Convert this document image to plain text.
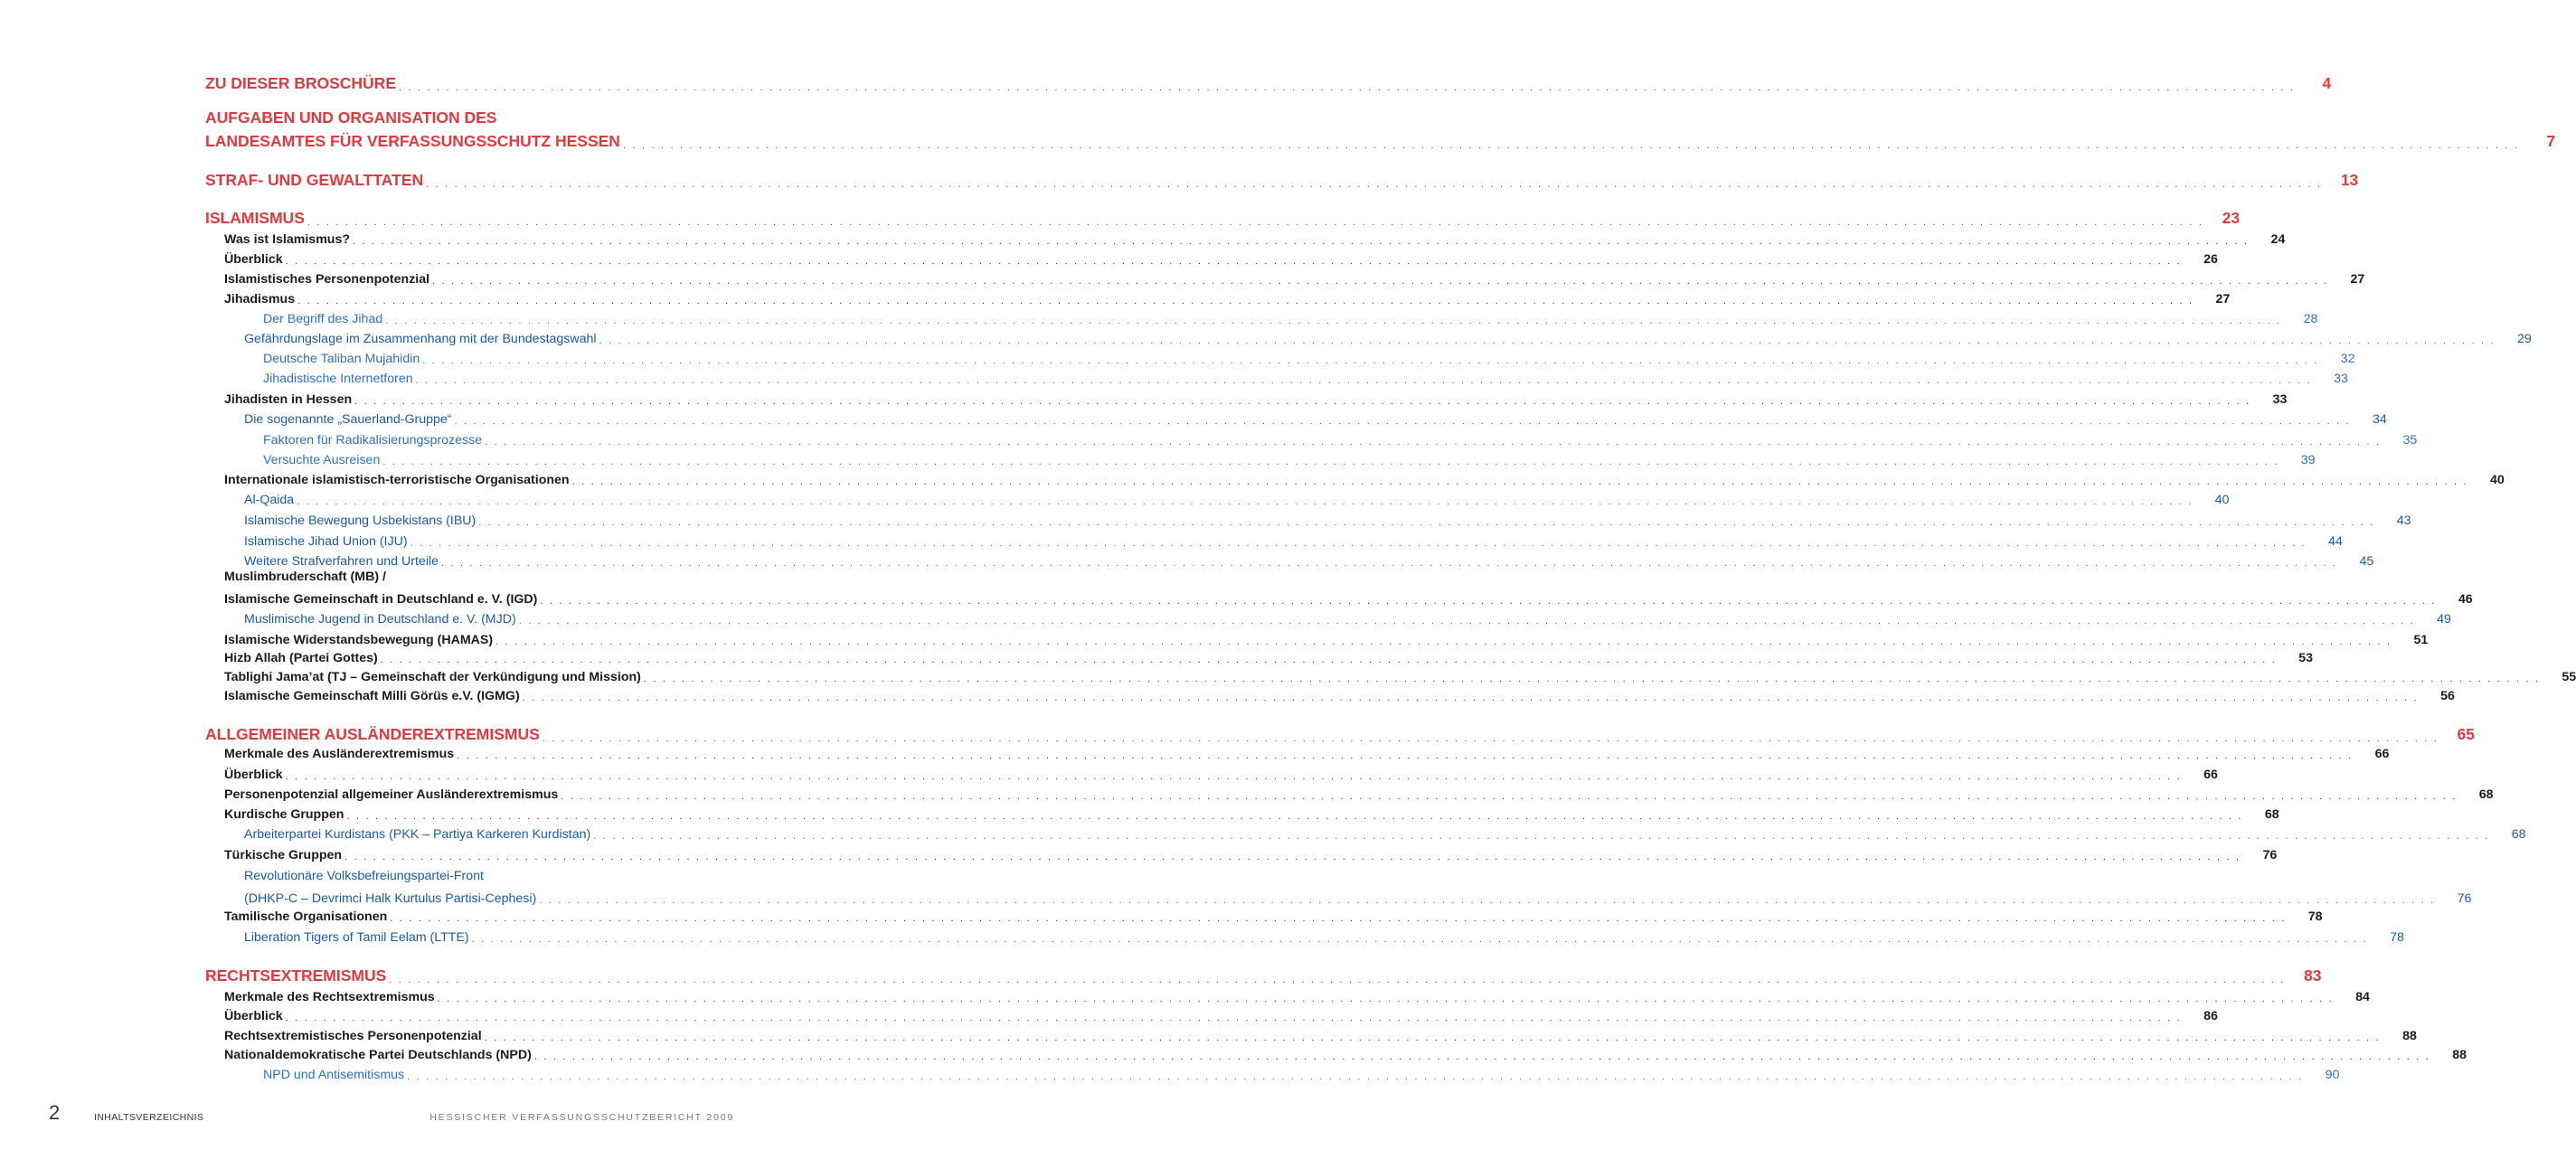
ZU DIESER BROSCHÜRE . . . . . . . . . . . . . . . . . . . . . . . . . . . . . . . . . . . . . . . . . . . . . . . . . . . . . . . . . . . . . . . . . . . . . . . . . . . . . . . . . . . . . . . . . . . . . . . . . . . . . . . . . . . . . . . . . . . . . . . . . . . . . . . . . . . . . . . . . . . . . . . . . . . . . . . . . . . . . . . . . . . . . . . . . . . . . . . . . . . . . . . . . . . . . . . . . . . . . . . .	4
AUFGABEN UND ORGANISATION DES
LANDESAMTES FÜR VERFASSUNGSSCHUTZ HESSEN . . . . . . . . . . . . . . . . . . . . . . . . . . . . . . . . . . . . . . . . . . . . . . . . . . . . . . . . . . . . . . . . . . . . . . . . . . . . . . . . . . . . . . . . . . . . . . . . . . . . . . . . . . . . . . . . . . . . . . . . . . . . . . . . . . . . . . . . . . . . . . . . . . . . . . . . . . . . . . . . . . . . . . . . . . . . . . . . . . . . . . . . . . . . . . . . . . . . . . . .	7
STRAF- UND GEWALTTATEN . . . . . . . . . . . . . . . . . . . . . . . . . . . . . . . . . . . . . . . . . . . . . . . . . . . . . . . . . . . . . . . . . . . . . . . . . . . . . . . . . . . . . . . . . . . . . . . . . . . . . . . . . . . . . . . . . . . . . . . . . . . . . . . . . . . . . . . . . . . . . . . . . . . . . . . . . . . . . . . . . . . . . . . . . . . . . . . . . . . . . . . . . . . . . . . . . . . . . . . .	13
ISLAMISMUS . . . . . . . . . . . . . . . . . . . . . . . . . . . . . . . . . . . . . . . . . . . . . . . . . . . . . . . . . . . . . . . . . . . . . . . . . . . . . . . . . . . . . . . . . . . . . . . . . . . . . . . . . . . . . . . . . . . . . . . . . . . . . . . . . . . . . . . . . . . . . . . . . . . . . . . . . . . . . . . . . . . . . . . . . . . . . . . . . . . . . . . . . . . . . . . . . . . . . . . .	23
Was ist Islamismus? . . . . . . . . . . . . . . . . . . . . . . . . . . . . . . . . . . . . . . . . . . . . . . . . . . . . . . . . . . . . . . . . . . . . . . . . . . . . . . . . . . . . . . . . . . . . . . . . . . . . . . . . . . . . . . . . . . . . . . . . . . . . . . . . . . . . . . . . . . . . . . . . . . . . . . . . . . . . . . . . . . . . . . . . . . . . . . . . . . . . . . . . . . . . . . . . . . . . . . . .	24
Überblick . . . . . . . . . . . . . . . . . . . . . . . . . . . . . . . . . . . . . . . . . . . . . . . . . . . . . . . . . . . . . . . . . . . . . . . . . . . . . . . . . . . . . . . . . . . . . . . . . . . . . . . . . . . . . . . . . . . . . . . . . . . . . . . . . . . . . . . . . . . . . . . . . . . . . . . . . . . . . . . . . . . . . . . . . . . . . . . . . . . . . . . . . . . . . . . . . . . . . . . .	26
Islamistisches Personenpotenzial . . . . . . . . . . . . . . . . . . . . . . . . . . . . . . . . . . . . . . . . . . . . . . . . . . . . . . . . . . . . . . . . . . . . . . . . . . . . . . . . . . . . . . . . . . . . . . . . . . . . . . . . . . . . . . . . . . . . . . . . . . . . . . . . . . . . . . . . . . . . . . . . . . . . . . . . . . . . . . . . . . . . . . . . . . . . . . . . . . . . . . . . . . . . . . . . . . . . . . . .	27
Jihadismus . . . . . . . . . . . . . . . . . . . . . . . . . . . . . . . . . . . . . . . . . . . . . . . . . . . . . . . . . . . . . . . . . . . . . . . . . . . . . . . . . . . . . . . . . . . . . . . . . . . . . . . . . . . . . . . . . . . . . . . . . . . . . . . . . . . . . . . . . . . . . . . . . . . . . . . . . . . . . . . . . . . . . . . . . . . . . . . . . . . . . . . . . . . . . . . . . . . . . . . .	27
Der Begriff des Jihad . . . . . . . . . . . . . . . . . . . . . . . . . . . . . . . . . . . . . . . . . . . . . . . . . . . . . . . . . . . . . . . . . . . . . . . . . . . . . . . . . . . . . . . . . . . . . . . . . . . . . . . . . . . . . . . . . . . . . . . . . . . . . . . . . . . . . . . . . . . . . . . . . . . . . . . . . . . . . . . . . . . . . . . . . . . . . . . . . . . . . . . . . . . . . . . . . . . . . . . .	28
Gefährdungslage im Zusammenhang mit der Bundestagswahl . . . . . . . . . . . . . . . . . . . . . . . . . . . . . . . . . . . . . . . . . . . . . . . . . . . . . . . . . . . . . . . . . . . . . . . . . . . . . . . . . . . . . . . . . . . . . . . . . . . . . . . . . . . . . . . . . . . . . . . . . . . . . . . . . . . . . . . . . . . . . . . . . . . . . . . . . . . . . . . . . . . . . . . . . . . . . . . . . . . . . . . . . . . . . . . . . . . . . . . .	29
Deutsche Taliban Mujahidin . . . . . . . . . . . . . . . . . . . . . . . . . . . . . . . . . . . . . . . . . . . . . . . . . . . . . . . . . . . . . . . . . . . . . . . . . . . . . . . . . . . . . . . . . . . . . . . . . . . . . . . . . . . . . . . . . . . . . . . . . . . . . . . . . . . . . . . . . . . . . . . . . . . . . . . . . . . . . . . . . . . . . . . . . . . . . . . . . . . . . . . . . . . . . . . . . . . . . . . .	32
Jihadistische Internetforen . . . . . . . . . . . . . . . . . . . . . . . . . . . . . . . . . . . . . . . . . . . . . . . . . . . . . . . . . . . . . . . . . . . . . . . . . . . . . . . . . . . . . . . . . . . . . . . . . . . . . . . . . . . . . . . . . . . . . . . . . . . . . . . . . . . . . . . . . . . . . . . . . . . . . . . . . . . . . . . . . . . . . . . . . . . . . . . . . . . . . . . . . . . . . . . . . . . . . . . .	33
Jihadisten in Hessen . . . . . . . . . . . . . . . . . . . . . . . . . . . . . . . . . . . . . . . . . . . . . . . . . . . . . . . . . . . . . . . . . . . . . . . . . . . . . . . . . . . . . . . . . . . . . . . . . . . . . . . . . . . . . . . . . . . . . . . . . . . . . . . . . . . . . . . . . . . . . . . . . . . . . . . . . . . . . . . . . . . . . . . . . . . . . . . . . . . . . . . . . . . . . . . . . . . . . . . .	33
Die sogenannte „Sauerland-Gruppe“ . . . . . . . . . . . . . . . . . . . . . . . . . . . . . . . . . . . . . . . . . . . . . . . . . . . . . . . . . . . . . . . . . . . . . . . . . . . . . . . . . . . . . . . . . . . . . . . . . . . . . . . . . . . . . . . . . . . . . . . . . . . . . . . . . . . . . . . . . . . . . . . . . . . . . . . . . . . . . . . . . . . . . . . . . . . . . . . . . . . . . . . . . . . . . . . . . . . . . . . .	34
Faktoren für Radikalisierungsprozesse . . . . . . . . . . . . . . . . . . . . . . . . . . . . . . . . . . . . . . . . . . . . . . . . . . . . . . . . . . . . . . . . . . . . . . . . . . . . . . . . . . . . . . . . . . . . . . . . . . . . . . . . . . . . . . . . . . . . . . . . . . . . . . . . . . . . . . . . . . . . . . . . . . . . . . . . . . . . . . . . . . . . . . . . . . . . . . . . . . . . . . . . . . . . . . . . . . . . . . . .	35
Versuchte Ausreisen . . . . . . . . . . . . . . . . . . . . . . . . . . . . . . . . . . . . . . . . . . . . . . . . . . . . . . . . . . . . . . . . . . . . . . . . . . . . . . . . . . . . . . . . . . . . . . . . . . . . . . . . . . . . . . . . . . . . . . . . . . . . . . . . . . . . . . . . . . . . . . . . . . . . . . . . . . . . . . . . . . . . . . . . . . . . . . . . . . . . . . . . . . . . . . . . . . . . . . . .	39
Internationale islamistisch-terroristische Organisationen . . . . . . . . . . . . . . . . . . . . . . . . . . . . . . . . . . . . . . . . . . . . . . . . . . . . . . . . . . . . . . . . . . . . . . . . . . . . . . . . . . . . . . . . . . . . . . . . . . . . . . . . . . . . . . . . . . . . . . . . . . . . . . . . . . . . . . . . . . . . . . . . . . . . . . . . . . . . . . . . . . . . . . . . . . . . . . . . . . . . . . . . . . . . . . . . . . . . . . . .	40
Al-Qaida . . . . . . . . . . . . . . . . . . . . . . . . . . . . . . . . . . . . . . . . . . . . . . . . . . . . . . . . . . . . . . . . . . . . . . . . . . . . . . . . . . . . . . . . . . . . . . . . . . . . . . . . . . . . . . . . . . . . . . . . . . . . . . . . . . . . . . . . . . . . . . . . . . . . . . . . . . . . . . . . . . . . . . . . . . . . . . . . . . . . . . . . . . . . . . . . . . . . . . . .	40
Islamische Bewegung Usbekistans (IBU) . . . . . . . . . . . . . . . . . . . . . . . . . . . . . . . . . . . . . . . . . . . . . . . . . . . . . . . . . . . . . . . . . . . . . . . . . . . . . . . . . . . . . . . . . . . . . . . . . . . . . . . . . . . . . . . . . . . . . . . . . . . . . . . . . . . . . . . . . . . . . . . . . . . . . . . . . . . . . . . . . . . . . . . . . . . . . . . . . . . . . . . . . . . . . . . . . . . . . . . .	43
Islamische Jihad Union (IJU) . . . . . . . . . . . . . . . . . . . . . . . . . . . . . . . . . . . . . . . . . . . . . . . . . . . . . . . . . . . . . . . . . . . . . . . . . . . . . . . . . . . . . . . . . . . . . . . . . . . . . . . . . . . . . . . . . . . . . . . . . . . . . . . . . . . . . . . . . . . . . . . . . . . . . . . . . . . . . . . . . . . . . . . . . . . . . . . . . . . . . . . . . . . . . . . . . . . . . . . .	44
Weitere Strafverfahren und Urteile . . . . . . . . . . . . . . . . . . . . . . . . . . . . . . . . . . . . . . . . . . . . . . . . . . . . . . . . . . . . . . . . . . . . . . . . . . . . . . . . . . . . . . . . . . . . . . . . . . . . . . . . . . . . . . . . . . . . . . . . . . . . . . . . . . . . . . . . . . . . . . . . . . . . . . . . . . . . . . . . . . . . . . . . . . . . . . . . . . . . . . . . . . . . . . . . . . . . . . . .	45
Muslimbruderschaft (MB) /
Islamische Gemeinschaft in Deutschland e. V. (IGD) . . . . . . . . . . . . . . . . . . . . . . . . . . . . . . . . . . . . . . . . . . . . . . . . . . . . . . . . . . . . . . . . . . . . . . . . . . . . . . . . . . . . . . . . . . . . . . . . . . . . . . . . . . . . . . . . . . . . . . . . . . . . . . . . . . . . . . . . . . . . . . . . . . . . . . . . . . . . . . . . . . . . . . . . . . . . . . . . . . . . . . . . . . . . . . . . . . . . . . . .	46
Muslimische Jugend in Deutschland e. V. (MJD) . . . . . . . . . . . . . . . . . . . . . . . . . . . . . . . . . . . . . . . . . . . . . . . . . . . . . . . . . . . . . . . . . . . . . . . . . . . . . . . . . . . . . . . . . . . . . . . . . . . . . . . . . . . . . . . . . . . . . . . . . . . . . . . . . . . . . . . . . . . . . . . . . . . . . . . . . . . . . . . . . . . . . . . . . . . . . . . . . . . . . . . . . . . . . . . . . . . . . . . .	49
Islamische Widerstandsbewegung (HAMAS) . . . . . . . . . . . . . . . . . . . . . . . . . . . . . . . . . . . . . . . . . . . . . . . . . . . . . . . . . . . . . . . . . . . . . . . . . . . . . . . . . . . . . . . . . . . . . . . . . . . . . . . . . . . . . . . . . . . . . . . . . . . . . . . . . . . . . . . . . . . . . . . . . . . . . . . . . . . . . . . . . . . . . . . . . . . . . . . . . . . . . . . . . . . . . . . . . . . . . . . .	51
Hizb Allah (Partei Gottes) . . . . . . . . . . . . . . . . . . . . . . . . . . . . . . . . . . . . . . . . . . . . . . . . . . . . . . . . . . . . . . . . . . . . . . . . . . . . . . . . . . . . . . . . . . . . . . . . . . . . . . . . . . . . . . . . . . . . . . . . . . . . . . . . . . . . . . . . . . . . . . . . . . . . . . . . . . . . . . . . . . . . . . . . . . . . . . . . . . . . . . . . . . . . . . . . . . . . . . . .	53
Tablighi Jama’at (TJ – Gemeinschaft der Verkündigung und Mission) . . . . . . . . . . . . . . . . . . . . . . . . . . . . . . . . . . . . . . . . . . . . . . . . . . . . . . . . . . . . . . . . . . . . . . . . . . . . . . . . . . . . . . . . . . . . . . . . . . . . . . . . . . . . . . . . . . . . . . . . . . . . . . . . . . . . . . . . . . . . . . . . . . . . . . . . . . . . . . . . . . . . . . . . . . . . . . . . . . . . . . . . . . . . . . . . . . . . . . . .	55
Islamische Gemeinschaft Milli Görüs e.V. (IGMG) . . . . . . . . . . . . . . . . . . . . . . . . . . . . . . . . . . . . . . . . . . . . . . . . . . . . . . . . . . . . . . . . . . . . . . . . . . . . . . . . . . . . . . . . . . . . . . . . . . . . . . . . . . . . . . . . . . . . . . . . . . . . . . . . . . . . . . . . . . . . . . . . . . . . . . . . . . . . . . . . . . . . . . . . . . . . . . . . . . . . . . . . . . . . . . . . . . . . . . . .	56
ALLGEMEINER AUSLÄNDEREXTREMISMUS . . . . . . . . . . . . . . . . . . . . . . . . . . . . . . . . . . . . . . . . . . . . . . . . . . . . . . . . . . . . . . . . . . . . . . . . . . . . . . . . . . . . . . . . . . . . . . . . . . . . . . . . . . . . . . . . . . . . . . . . . . . . . . . . . . . . . . . . . . . . . . . . . . . . . . . . . . . . . . . . . . . . . . . . . . . . . . . . . . . . . . . . . . . . . . . . . . . . . . . .	65
Merkmale des Ausländerextremismus . . . . . . . . . . . . . . . . . . . . . . . . . . . . . . . . . . . . . . . . . . . . . . . . . . . . . . . . . . . . . . . . . . . . . . . . . . . . . . . . . . . . . . . . . . . . . . . . . . . . . . . . . . . . . . . . . . . . . . . . . . . . . . . . . . . . . . . . . . . . . . . . . . . . . . . . . . . . . . . . . . . . . . . . . . . . . . . . . . . . . . . . . . . . . . . . . . . . . . . .	66
Überblick . . . . . . . . . . . . . . . . . . . . . . . . . . . . . . . . . . . . . . . . . . . . . . . . . . . . . . . . . . . . . . . . . . . . . . . . . . . . . . . . . . . . . . . . . . . . . . . . . . . . . . . . . . . . . . . . . . . . . . . . . . . . . . . . . . . . . . . . . . . . . . . . . . . . . . . . . . . . . . . . . . . . . . . . . . . . . . . . . . . . . . . . . . . . . . . . . . . . . . . .	66
Personenpotenzial allgemeiner Ausländerextremismus . . . . . . . . . . . . . . . . . . . . . . . . . . . . . . . . . . . . . . . . . . . . . . . . . . . . . . . . . . . . . . . . . . . . . . . . . . . . . . . . . . . . . . . . . . . . . . . . . . . . . . . . . . . . . . . . . . . . . . . . . . . . . . . . . . . . . . . . . . . . . . . . . . . . . . . . . . . . . . . . . . . . . . . . . . . . . . . . . . . . . . . . . . . . . . . . . . . . . . . .	68
Kurdische Gruppen . . . . . . . . . . . . . . . . . . . . . . . . . . . . . . . . . . . . . . . . . . . . . . . . . . . . . . . . . . . . . . . . . . . . . . . . . . . . . . . . . . . . . . . . . . . . . . . . . . . . . . . . . . . . . . . . . . . . . . . . . . . . . . . . . . . . . . . . . . . . . . . . . . . . . . . . . . . . . . . . . . . . . . . . . . . . . . . . . . . . . . . . . . . . . . . . . . . . . . . .	68
Arbeiterpartei Kurdistans (PKK – Partiya Karkeren Kurdistan) . . . . . . . . . . . . . . . . . . . . . . . . . . . . . . . . . . . . . . . . . . . . . . . . . . . . . . . . . . . . . . . . . . . . . . . . . . . . . . . . . . . . . . . . . . . . . . . . . . . . . . . . . . . . . . . . . . . . . . . . . . . . . . . . . . . . . . . . . . . . . . . . . . . . . . . . . . . . . . . . . . . . . . . . . . . . . . . . . . . . . . . . . . . . . . . . . . . . . . . .	68
Türkische Gruppen . . . . . . . . . . . . . . . . . . . . . . . . . . . . . . . . . . . . . . . . . . . . . . . . . . . . . . . . . . . . . . . . . . . . . . . . . . . . . . . . . . . . . . . . . . . . . . . . . . . . . . . . . . . . . . . . . . . . . . . . . . . . . . . . . . . . . . . . . . . . . . . . . . . . . . . . . . . . . . . . . . . . . . . . . . . . . . . . . . . . . . . . . . . . . . . . . . . . . . . .	76
Revolutionäre Volksbefreiungspartei-Front
(DHKP-C – Devrimci Halk Kurtulus Partisi-Cephesi) . . . . . . . . . . . . . . . . . . . . . . . . . . . . . . . . . . . . . . . . . . . . . . . . . . . . . . . . . . . . . . . . . . . . . . . . . . . . . . . . . . . . . . . . . . . . . . . . . . . . . . . . . . . . . . . . . . . . . . . . . . . . . . . . . . . . . . . . . . . . . . . . . . . . . . . . . . . . . . . . . . . . . . . . . . . . . . . . . . . . . . . . . . . . . . . . . . . . . . . .	76
Tamilische Organisationen . . . . . . . . . . . . . . . . . . . . . . . . . . . . . . . . . . . . . . . . . . . . . . . . . . . . . . . . . . . . . . . . . . . . . . . . . . . . . . . . . . . . . . . . . . . . . . . . . . . . . . . . . . . . . . . . . . . . . . . . . . . . . . . . . . . . . . . . . . . . . . . . . . . . . . . . . . . . . . . . . . . . . . . . . . . . . . . . . . . . . . . . . . . . . . . . . . . . . . . .	78
Liberation Tigers of Tamil Eelam (LTTE) . . . . . . . . . . . . . . . . . . . . . . . . . . . . . . . . . . . . . . . . . . . . . . . . . . . . . . . . . . . . . . . . . . . . . . . . . . . . . . . . . . . . . . . . . . . . . . . . . . . . . . . . . . . . . . . . . . . . . . . . . . . . . . . . . . . . . . . . . . . . . . . . . . . . . . . . . . . . . . . . . . . . . . . . . . . . . . . . . . . . . . . . . . . . . . . . . . . . . . . .	78
RECHTSEXTREMISMUS . . . . . . . . . . . . . . . . . . . . . . . . . . . . . . . . . . . . . . . . . . . . . . . . . . . . . . . . . . . . . . . . . . . . . . . . . . . . . . . . . . . . . . . . . . . . . . . . . . . . . . . . . . . . . . . . . . . . . . . . . . . . . . . . . . . . . . . . . . . . . . . . . . . . . . . . . . . . . . . . . . . . . . . . . . . . . . . . . . . . . . . . . . . . . . . . . . . . . . . .	83
Merkmale des Rechtsextremismus . . . . . . . . . . . . . . . . . . . . . . . . . . . . . . . . . . . . . . . . . . . . . . . . . . . . . . . . . . . . . . . . . . . . . . . . . . . . . . . . . . . . . . . . . . . . . . . . . . . . . . . . . . . . . . . . . . . . . . . . . . . . . . . . . . . . . . . . . . . . . . . . . . . . . . . . . . . . . . . . . . . . . . . . . . . . . . . . . . . . . . . . . . . . . . . . . . . . . . . .	84
Überblick . . . . . . . . . . . . . . . . . . . . . . . . . . . . . . . . . . . . . . . . . . . . . . . . . . . . . . . . . . . . . . . . . . . . . . . . . . . . . . . . . . . . . . . . . . . . . . . . . . . . . . . . . . . . . . . . . . . . . . . . . . . . . . . . . . . . . . . . . . . . . . . . . . . . . . . . . . . . . . . . . . . . . . . . . . . . . . . . . . . . . . . . . . . . . . . . . . . . . . . .	86
Rechtsextremistisches Personenpotenzial . . . . . . . . . . . . . . . . . . . . . . . . . . . . . . . . . . . . . . . . . . . . . . . . . . . . . . . . . . . . . . . . . . . . . . . . . . . . . . . . . . . . . . . . . . . . . . . . . . . . . . . . . . . . . . . . . . . . . . . . . . . . . . . . . . . . . . . . . . . . . . . . . . . . . . . . . . . . . . . . . . . . . . . . . . . . . . . . . . . . . . . . . . . . . . . . . . . . . . . .	88
Nationaldemokratische Partei Deutschlands (NPD) . . . . . . . . . . . . . . . . . . . . . . . . . . . . . . . . . . . . . . . . . . . . . . . . . . . . . . . . . . . . . . . . . . . . . . . . . . . . . . . . . . . . . . . . . . . . . . . . . . . . . . . . . . . . . . . . . . . . . . . . . . . . . . . . . . . . . . . . . . . . . . . . . . . . . . . . . . . . . . . . . . . . . . . . . . . . . . . . . . . . . . . . . . . . . . . . . . . . . . . .	88
NPD und Antisemitismus . . . . . . . . . . . . . . . . . . . . . . . . . . . . . . . . . . . . . . . . . . . . . . . . . . . . . . . . . . . . . . . . . . . . . . . . . . . . . . . . . . . . . . . . . . . . . . . . . . . . . . . . . . . . . . . . . . . . . . . . . . . . . . . . . . . . . . . . . . . . . . . . . . . . . . . . . . . . . . . . . . . . . . . . . . . . . . . . . . . . . . . . . . . . . . . . . . . . . . . .	90
2	INHALTSVERZEICHNIS	HESSISCHER VERFASSUNGSSCHUTZBERICHT 2009
